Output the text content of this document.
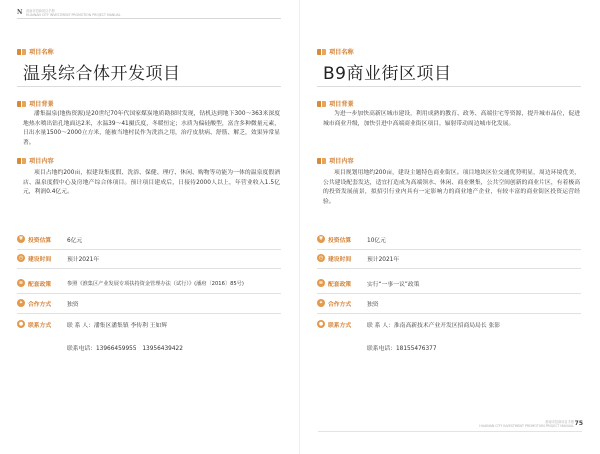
N 淮南市招商项目手册
HUAINAN CITY INVESTMENT PROMOTION PROJECT MANUAL
项目名称
温泉综合体开发项目
项目背景
潘集温泉(地热资源)是20世纪70年代国家煤炭地质勘探时发现，钻机达到地下300～363米深度地热水喷出钻孔地面达2米，水温39～41摄氏度，冬暖恒定；水质为偏硅酸型，富含多种微量元素，日出水量1500～2000立方米，能被当地村民作为洗浴之用，治疗皮肤病、舒筋、解乏，效果异常显著。
项目内容
项目占地约200亩，拟建设集度假、洗浴、保健、理疗、休闲、购物等功能为一体的温泉度假酒店、温泉度假中心及房地产综合体项目。预计项目建成后，日接待2000人以上，年营业收入1.5亿元，利润0.4亿元。
¥ 投资估算	6亿元
◷ 建设时间	预计2021年
≡ 配套政策	参照《淮集区产业发展专项扶持资金管理办法（试行）》(潘府〔2016〕85号)
✦ 合作方式	独资
● 联系方式	联 系 人：潘集区潘集镇 李传利 王如辉
联系电话：13966459955　13956439422
项目名称
B9商业街区项目
项目背景
为进一步加快高新区城市建设，利用成熟的教育、政务、高端住宅等资源，提升城市品位，促进城市商业升级，加快引进中高端商业街区项目，辐射带动周边城市化发展。
项目内容
项目规划用地约200亩，建设主题特色商业街区。项目地块区位交通优势明显，周边环境优美，公共建设配套发达，适宜打造成为高端领水、休闲、商业聚集，公共空间创新的商业片区，有着极高的投资发展前景，拟招引行业内具有一定影响力的商业地产企业，有较丰富的商业街区投资运营经验。
¥ 投资估算	10亿元
◷ 建设时间	预计2021年
≡ 配套政策	实行“一事一议”政策
✦ 合作方式	独资
● 联系方式	联 系 人：淮南高新技术产业开发区招商局局长 张影
联系电话：18155476377
淮南市招商项目手册
HUAINAN CITY INVESTMENT PROMOTION PROJECT MANUAL 75
